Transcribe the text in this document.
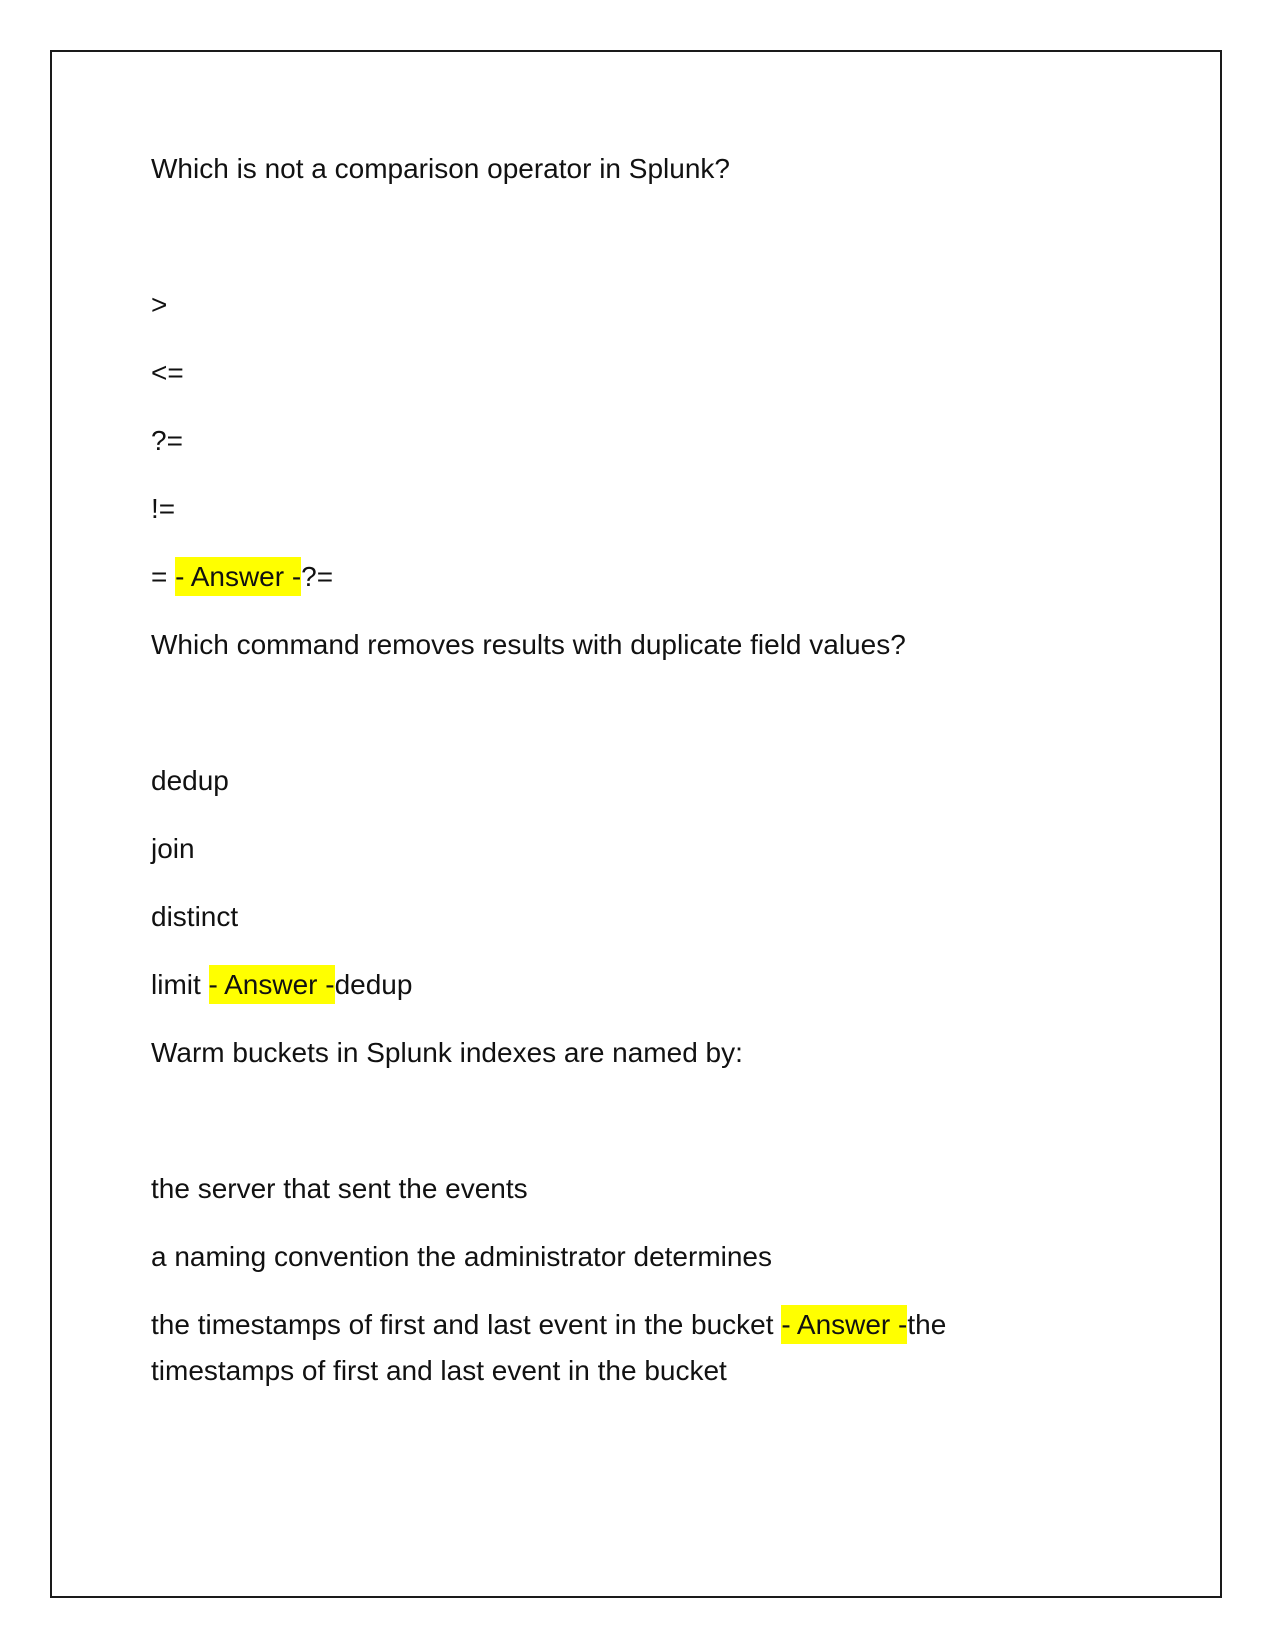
Which is not a comparison operator in Splunk?
>
<=
?=
!=
= - Answer -?=
Which command removes results with duplicate field values?
dedup
join
distinct
limit - Answer -dedup
Warm buckets in Splunk indexes are named by:
the server that sent the events
a naming convention the administrator determines
the timestamps of first and last event in the bucket - Answer -the timestamps of first and last event in the bucket
